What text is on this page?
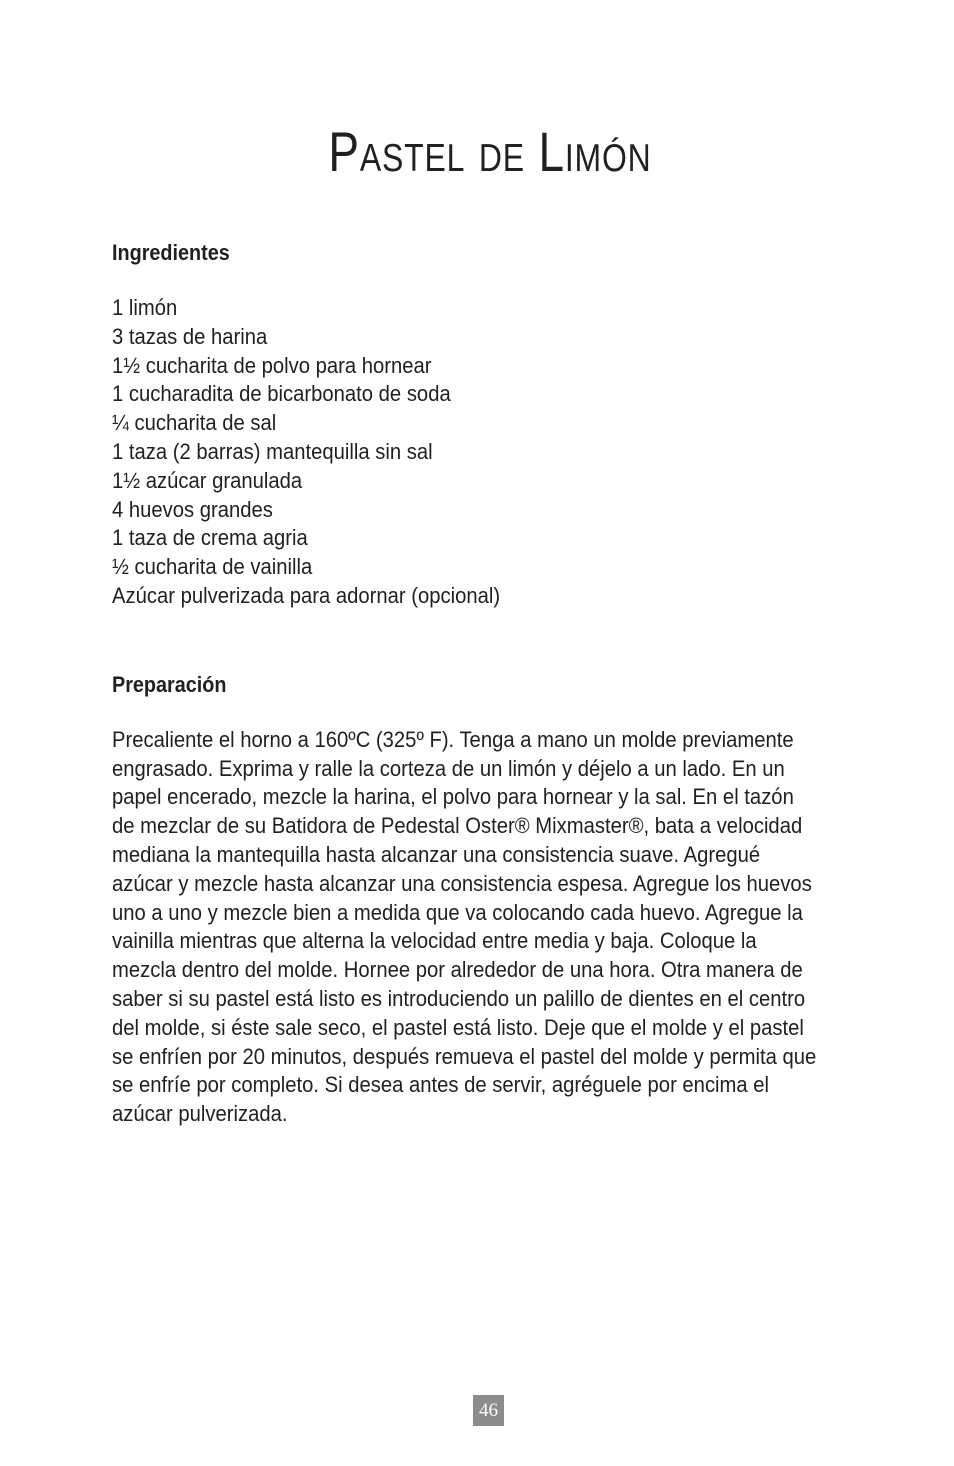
Pastel de Limón
Ingredientes
1 limón
3 tazas de harina
1½ cucharita de polvo para hornear
1 cucharadita de bicarbonato de soda
¼ cucharita de sal
1 taza (2 barras) mantequilla sin sal
1½ azúcar granulada
4 huevos grandes
1 taza de crema agria
½ cucharita de vainilla
Azúcar pulverizada para adornar (opcional)
Preparación
Precaliente el horno a 160ºC (325º F). Tenga a mano un molde previamente
engrasado. Exprima y ralle la corteza de un limón y déjelo a un lado. En un
papel encerado, mezcle la harina, el polvo para hornear y la sal. En el tazón
de mezclar de su Batidora de Pedestal Oster® Mixmaster®, bata a velocidad
mediana la mantequilla hasta alcanzar una consistencia suave. Agregué
azúcar y mezcle hasta alcanzar una consistencia espesa. Agregue los huevos
uno a uno y mezcle bien a medida que va colocando cada huevo. Agregue la
vainilla mientras que alterna la velocidad entre media y baja. Coloque la
mezcla dentro del molde. Hornee por alrededor de una hora. Otra manera de
saber si su pastel está listo es introduciendo un palillo de dientes en el centro
del molde, si éste sale seco, el pastel está listo. Deje que el molde y el pastel
se enfríen por 20 minutos, después remueva el pastel del molde y permita que
se enfríe por completo. Si desea antes de servir, agréguele por encima el
azúcar pulverizada.
46
